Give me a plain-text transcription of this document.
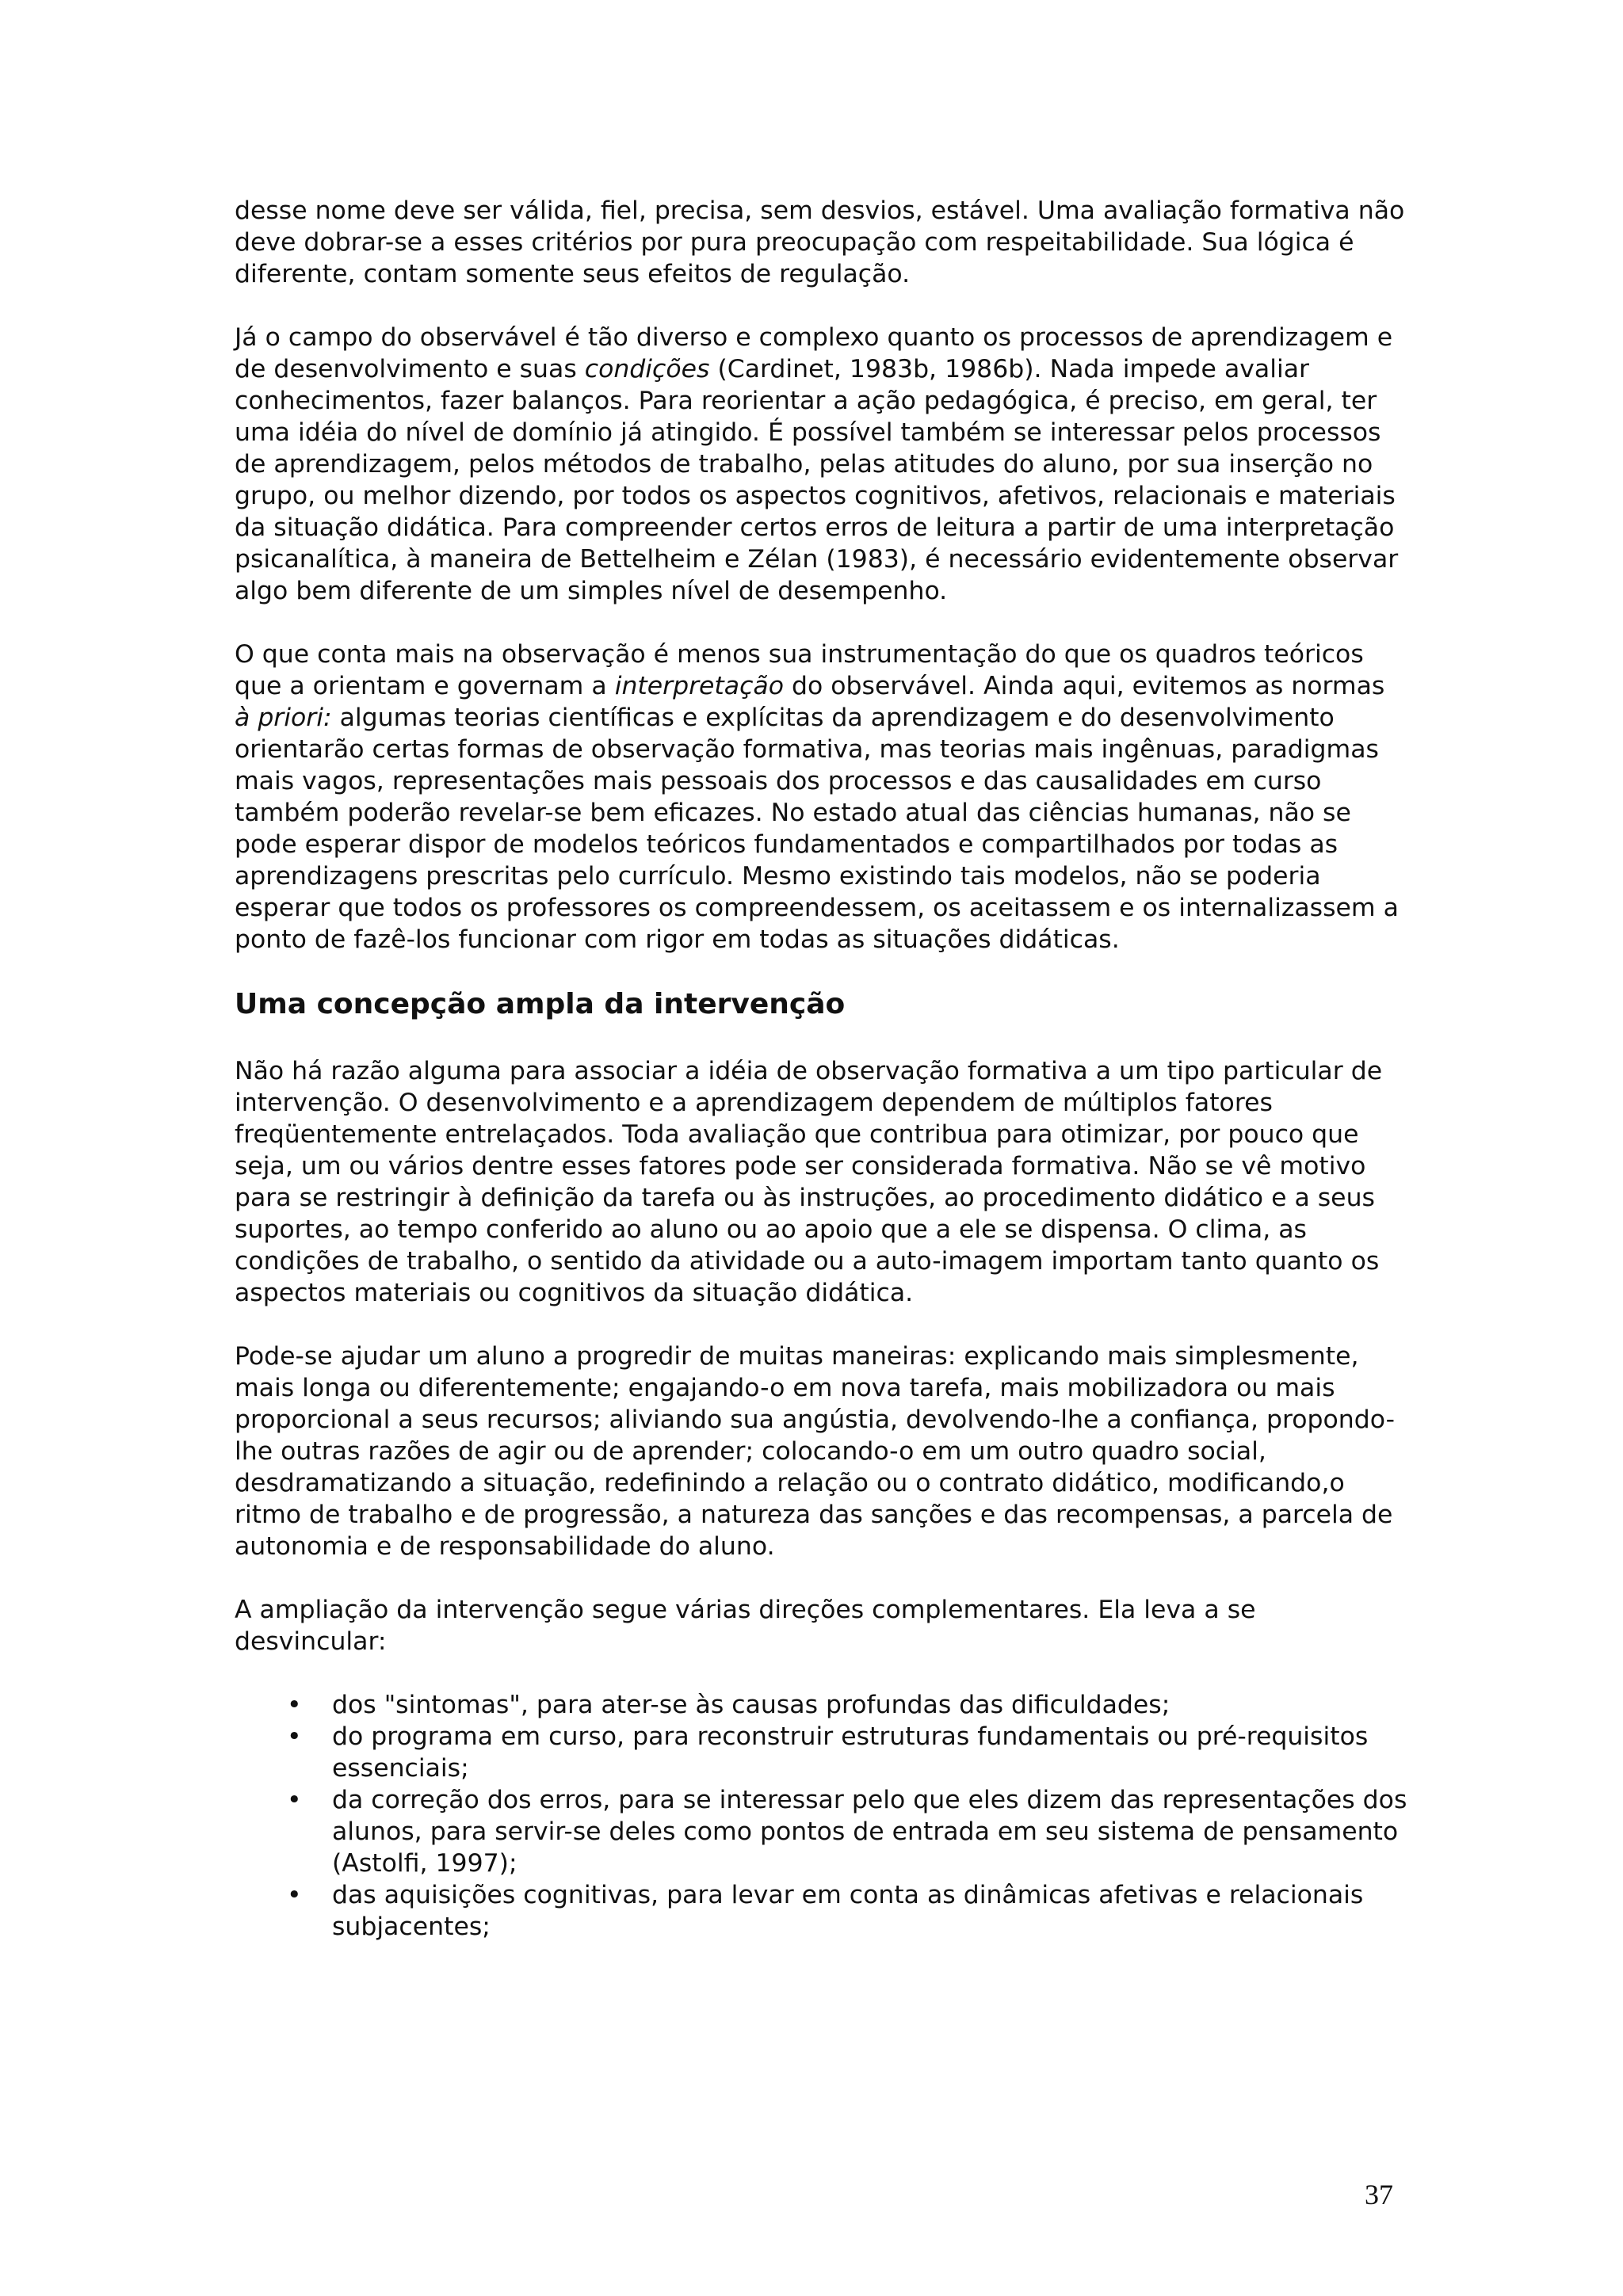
desse nome deve ser válida, fiel, precisa, sem desvios, estável. Uma avaliação formativa não deve dobrar-se a esses critérios por pura preocupação com respeitabilidade. Sua lógica é diferente, contam somente seus efeitos de regulação.

Já o campo do observável é tão diverso e complexo quanto os processos de aprendizagem e de desenvolvimento e suas condições (Cardinet, 1983b, 1986b). Nada impede avaliar conhecimentos, fazer balanços. Para reorientar a ação pedagógica, é preciso, em geral, ter uma idéia do nível de domínio já atingido. É possível também se interessar pelos processos de aprendizagem, pelos métodos de trabalho, pelas atitudes do aluno, por sua inserção no grupo, ou melhor dizendo, por todos os aspectos cognitivos, afetivos, relacionais e materiais da situação didática. Para compreender certos erros de leitura a partir de uma interpretação psicanalítica, à maneira de Bettelheim e Zélan (1983), é necessário evidentemente observar algo bem diferente de um simples nível de desempenho.

O que conta mais na observação é menos sua instrumentação do que os quadros teóricos que a orientam e governam a interpretação do observável. Ainda aqui, evitemos as normas à priori: algumas teorias científicas e explícitas da aprendizagem e do desenvolvimento orientarão certas formas de observação formativa, mas teorias mais ingênuas, paradigmas mais vagos, representações mais pessoais dos processos e das causalidades em curso também poderão revelar-se bem eficazes. No estado atual das ciências humanas, não se pode esperar dispor de modelos teóricos fundamentados e compartilhados por todas as aprendizagens prescritas pelo currículo. Mesmo existindo tais modelos, não se poderia esperar que todos os professores os compreendessem, os aceitassem e os internalizassem a ponto de fazê-los funcionar com rigor em todas as situações didáticas.

Uma concepção ampla da intervenção

Não há razão alguma para associar a idéia de observação formativa a um tipo particular de intervenção. O desenvolvimento e a aprendizagem dependem de múltiplos fatores freqüentemente entrelaçados. Toda avaliação que contribua para otimizar, por pouco que seja, um ou vários dentre esses fatores pode ser considerada formativa. Não se vê motivo para se restringir à definição da tarefa ou às instruções, ao procedimento didático e a seus suportes, ao tempo conferido ao aluno ou ao apoio que a ele se dispensa. O clima, as condições de trabalho, o sentido da atividade ou a auto-imagem importam tanto quanto os aspectos materiais ou cognitivos da situação didática.

Pode-se ajudar um aluno a progredir de muitas maneiras: explicando mais simplesmente, mais longa ou diferentemente; engajando-o em nova tarefa, mais mobilizadora ou mais proporcional a seus recursos; aliviando sua angústia, devolvendo-lhe a confiança, propondo-lhe outras razões de agir ou de aprender; colocando-o em um outro quadro social, desdramatizando a situação, redefinindo a relação ou o contrato didático, modificando,o ritmo de trabalho e de progressão, a natureza das sanções e das recompensas, a parcela de autonomia e de responsabilidade do aluno.

A ampliação da intervenção segue várias direções complementares. Ela leva a se desvincular:

• dos "sintomas", para ater-se às causas profundas das dificuldades;
• do programa em curso, para reconstruir estruturas fundamentais ou pré-requisitos essenciais;
• da correção dos erros, para se interessar pelo que eles dizem das representações dos alunos, para servir-se deles como pontos de entrada em seu sistema de pensamento (Astolfi, 1997);
• das aquisições cognitivas, para levar em conta as dinâmicas afetivas e relacionais subjacentes;
37
